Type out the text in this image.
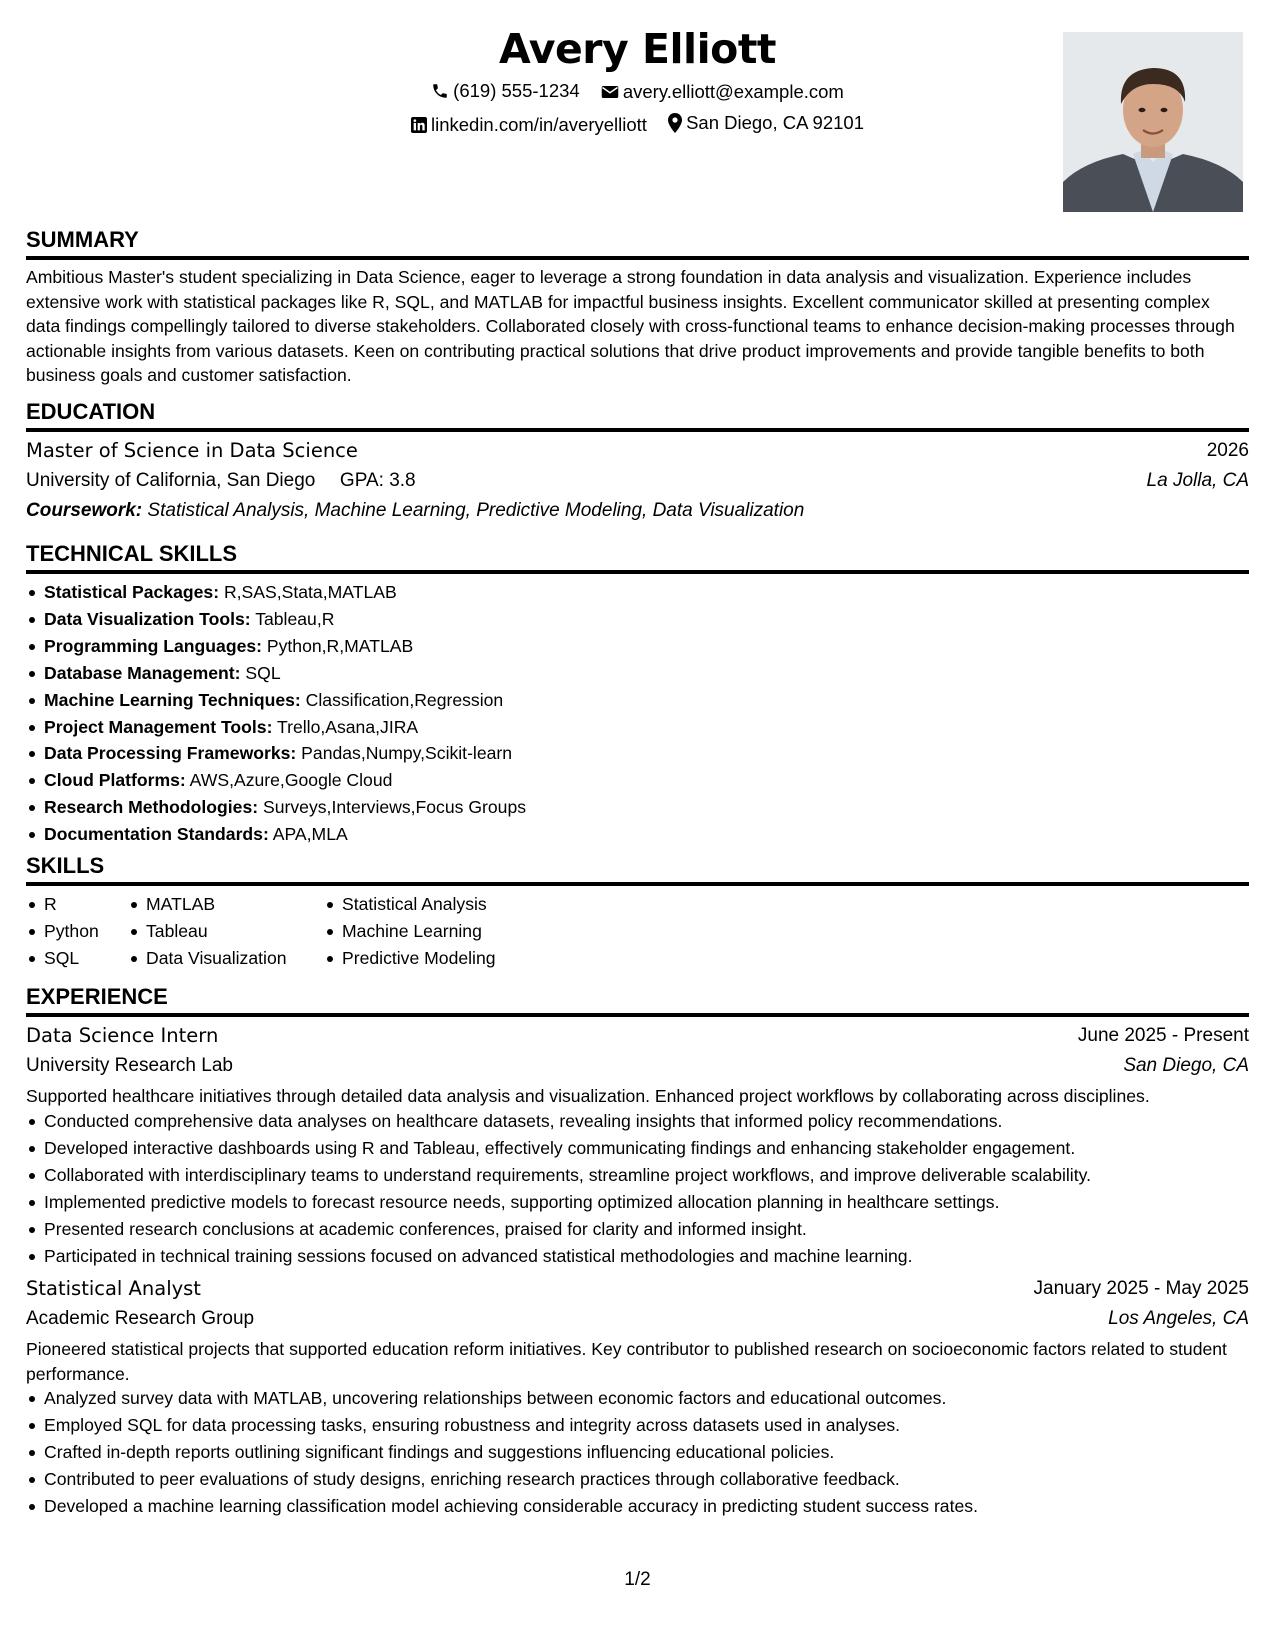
Avery Elliott
(619) 555-1234
avery.elliott@example.com
linkedin.com/in/averyelliott
San Diego, CA 92101
SUMMARY

Ambitious Master's student specializing in Data Science, eager to leverage a strong foundation in data analysis and visualization. Experience includes extensive work with statistical packages like R, SQL, and MATLAB for impactful business insights. Excellent communicator skilled at presenting complex data findings compellingly tailored to diverse stakeholders. Collaborated closely with cross-functional teams to enhance decision-making processes through actionable insights from various datasets. Keen on contributing practical solutions that drive product improvements and provide tangible benefits to both business goals and customer satisfaction.

EDUCATION
Master of Science in Data Science	2026
University of California, San Diego GPA: 3.8	La Jolla, CA
Coursework: Statistical Analysis, Machine Learning, Predictive Modeling, Data Visualization
TECHNICAL SKILLS
Statistical Packages: R,SAS,Stata,MATLAB
Data Visualization Tools: Tableau,R
Programming Languages: Python,R,MATLAB
Database Management: SQL
Machine Learning Techniques: Classification,Regression
Project Management Tools: Trello,Asana,JIRA
Data Processing Frameworks: Pandas,Numpy,Scikit-learn
Cloud Platforms: AWS,Azure,Google Cloud
Research Methodologies: Surveys,Interviews,Focus Groups
Documentation Standards: APA,MLA
SKILLS
R
Python
SQL
MATLAB
Tableau
Data Visualization
Statistical Analysis
Machine Learning
Predictive Modeling
EXPERIENCE
Data Science Intern	June 2025 - Present
University Research Lab	San Diego, CA

Supported healthcare initiatives through detailed data analysis and visualization. Enhanced project workflows by collaborating across disciplines.

Conducted comprehensive data analyses on healthcare datasets, revealing insights that informed policy recommendations.
Developed interactive dashboards using R and Tableau, effectively communicating findings and enhancing stakeholder engagement.
Collaborated with interdisciplinary teams to understand requirements, streamline project workflows, and improve deliverable scalability.
Implemented predictive models to forecast resource needs, supporting optimized allocation planning in healthcare settings.
Presented research conclusions at academic conferences, praised for clarity and informed insight.
Participated in technical training sessions focused on advanced statistical methodologies and machine learning.
Statistical Analyst	January 2025 - May 2025
Academic Research Group	Los Angeles, CA

Pioneered statistical projects that supported education reform initiatives. Key contributor to published research on socioeconomic factors related to student performance.

Analyzed survey data with MATLAB, uncovering relationships between economic factors and educational outcomes.
Employed SQL for data processing tasks, ensuring robustness and integrity across datasets used in analyses.
Crafted in-depth reports outlining significant findings and suggestions influencing educational policies.
Contributed to peer evaluations of study designs, enriching research practices through collaborative feedback.
Developed a machine learning classification model achieving considerable accuracy in predicting student success rates.
1/2
